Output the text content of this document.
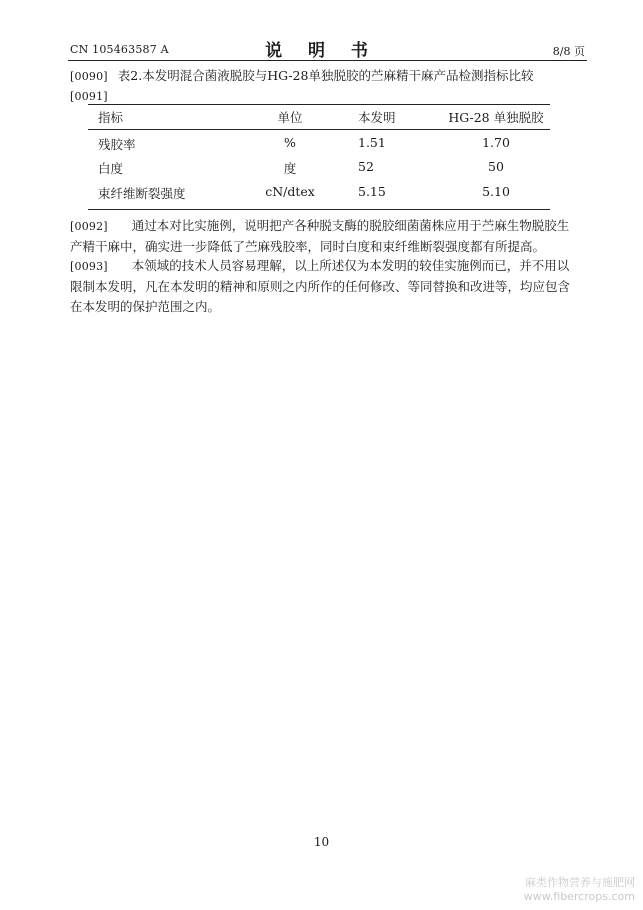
CN 105463587 A	说 明 书	8/8 页
[0090] 表2.本发明混合菌液脱胶与HG-28单独脱胶的苎麻精干麻产品检测指标比较
[0091]
指标	单位	本发明	HG-28 单独脱胶
残胶率	%	1.51	1.70
白度	度	52	50
束纤维断裂强度	cN/dtex	5.15	5.10
[0092] 通过本对比实施例，说明把产各种脱支酶的脱胶细菌菌株应用于苎麻生物脱胶生
产精干麻中，确实进一步降低了苎麻残胶率，同时白度和束纤维断裂强度都有所提高。
[0093] 本领域的技术人员容易理解，以上所述仅为本发明的较佳实施例而已，并不用以
限制本发明，凡在本发明的精神和原则之内所作的任何修改、等同替换和改进等，均应包含
在本发明的保护范围之内。
10
麻类作物营养与施肥网
www.fibercrops.com
